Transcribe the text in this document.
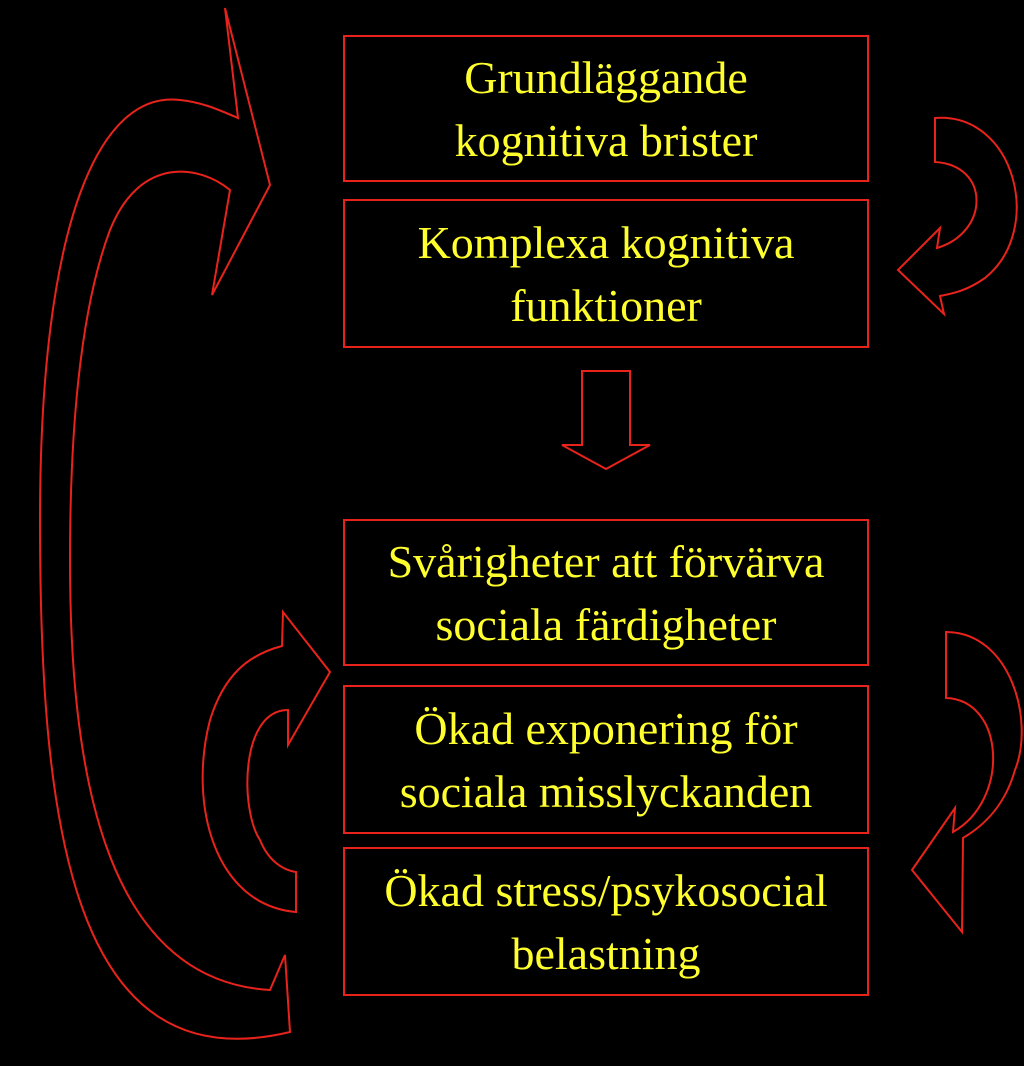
Grundläggande
kognitiva brister
Komplexa kognitiva
funktioner
Svårigheter att förvärva
sociala färdigheter
Ökad exponering för
sociala misslyckanden
Ökad stress/psykosocial
belastning
